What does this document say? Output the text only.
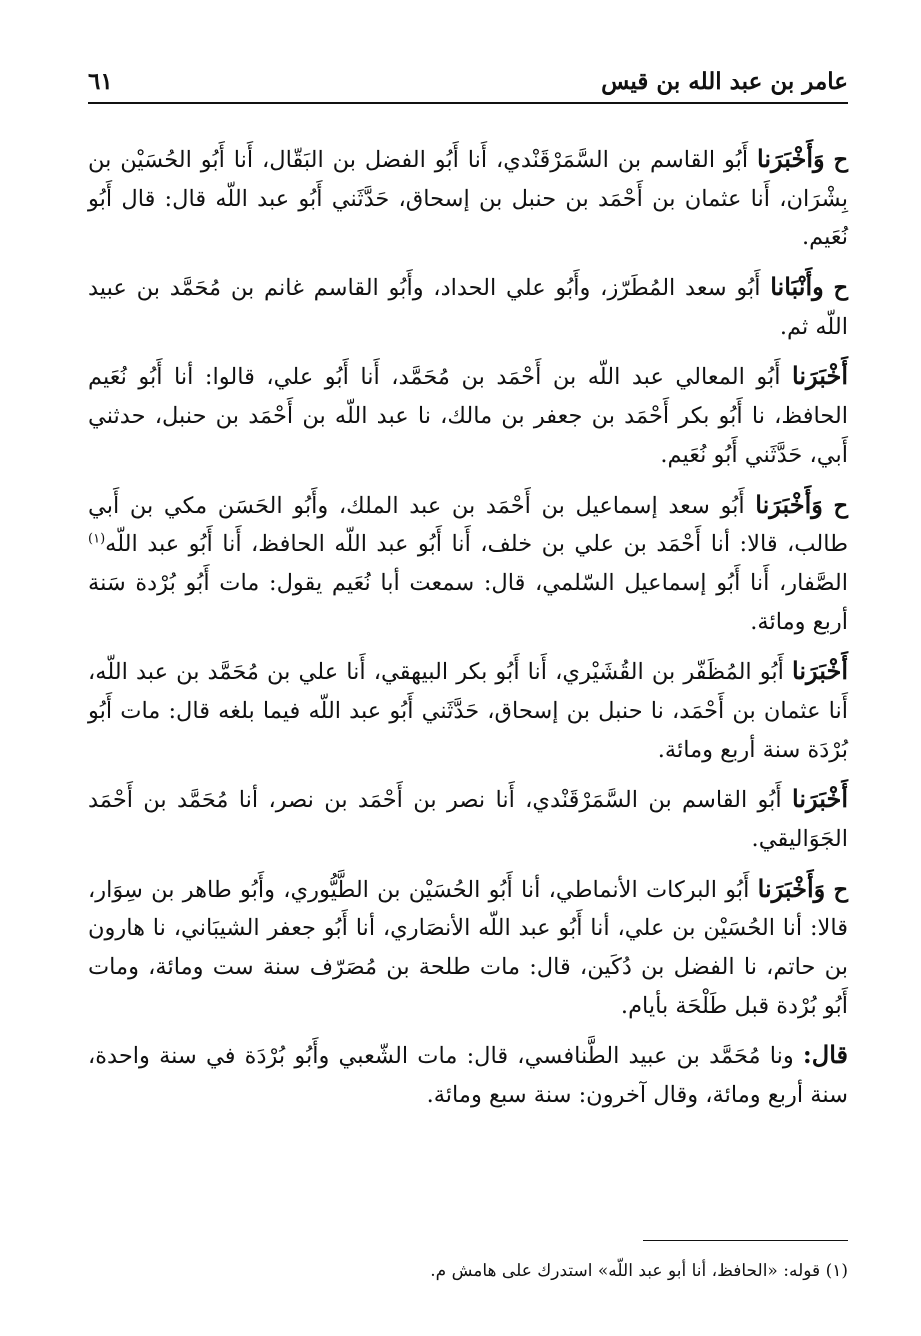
عامر بن عبد الله بن قيس
٦١

ح وَأَخْبَرَنا أَبُو القاسم بن السَّمَرْقَنْدي، أَنا أَبُو الفضل بن البَقّال، أَنا أَبُو الحُسَيْن بن بِشْرَان، أَنا عثمان بن أَحْمَد بن حنبل بن إسحاق، حَدَّثَني أَبُو عبد اللّه قال: قال أَبُو نُعَيم.

ح وأَنْبَانا أَبُو سعد المُطَرّز، وأَبُو علي الحداد، وأَبُو القاسم غانم بن مُحَمَّد بن عبيد اللّه ثم.

أَخْبَرَنا أَبُو المعالي عبد اللّه بن أَحْمَد بن مُحَمَّد، أَنا أَبُو علي، قالوا: أنا أَبُو نُعَيم الحافظ، نا أَبُو بكر أَحْمَد بن جعفر بن مالك، نا عبد اللّه بن أَحْمَد بن حنبل، حدثني أَبي، حَدَّثَني أَبُو نُعَيم.

ح وَأَخْبَرَنا أَبُو سعد إسماعيل بن أَحْمَد بن عبد الملك، وأَبُو الحَسَن مكي بن أَبي طالب، قالا: أنا أَحْمَد بن علي بن خلف، أَنا أَبُو عبد اللّه الحافظ، أَنا أَبُو عبد اللّه$^{(١)}$ الصَّفار، أَنا أَبُو إسماعيل السّلمي، قال: سمعت أبا نُعَيم يقول: مات أَبُو بُرْدة سَنة أربع ومائة.

أَخْبَرَنا أَبُو المُظَفّر بن القُشَيْري، أَنا أَبُو بكر البيهقي، أَنا علي بن مُحَمَّد بن عبد اللّه، أَنا عثمان بن أَحْمَد، نا حنبل بن إسحاق، حَدَّثَني أَبُو عبد اللّه فيما بلغه قال: مات أَبُو بُرْدَة سنة أربع ومائة.

أَخْبَرَنا أَبُو القاسم بن السَّمَرْقَنْدي، أَنا نصر بن أَحْمَد بن نصر، أنا مُحَمَّد بن أَحْمَد الجَوَاليقي.

ح وَأَخْبَرَنا أَبُو البركات الأنماطي، أنا أَبُو الحُسَيْن بن الطَّيُّوري، وأَبُو طاهر بن سِوَار، قالا: أنا الحُسَيْن بن علي، أنا أَبُو عبد اللّه الأنصَاري، أنا أَبُو جعفر الشيبَاني، نا هارون بن حاتم، نا الفضل بن دُكَين، قال: مات طلحة بن مُصَرّف سنة ست ومائة، ومات أَبُو بُرْدة قبل طَلْحَة بأيام.

قال: ونا مُحَمَّد بن عبيد الطَّنافسي، قال: مات الشّعبي وأَبُو بُرْدَة في سنة واحدة، سنة أربع ومائة، وقال آخرون: سنة سبع ومائة.

(١) قوله: «الحافظ، أنا أبو عبد اللّه» استدرك على هامش م.
